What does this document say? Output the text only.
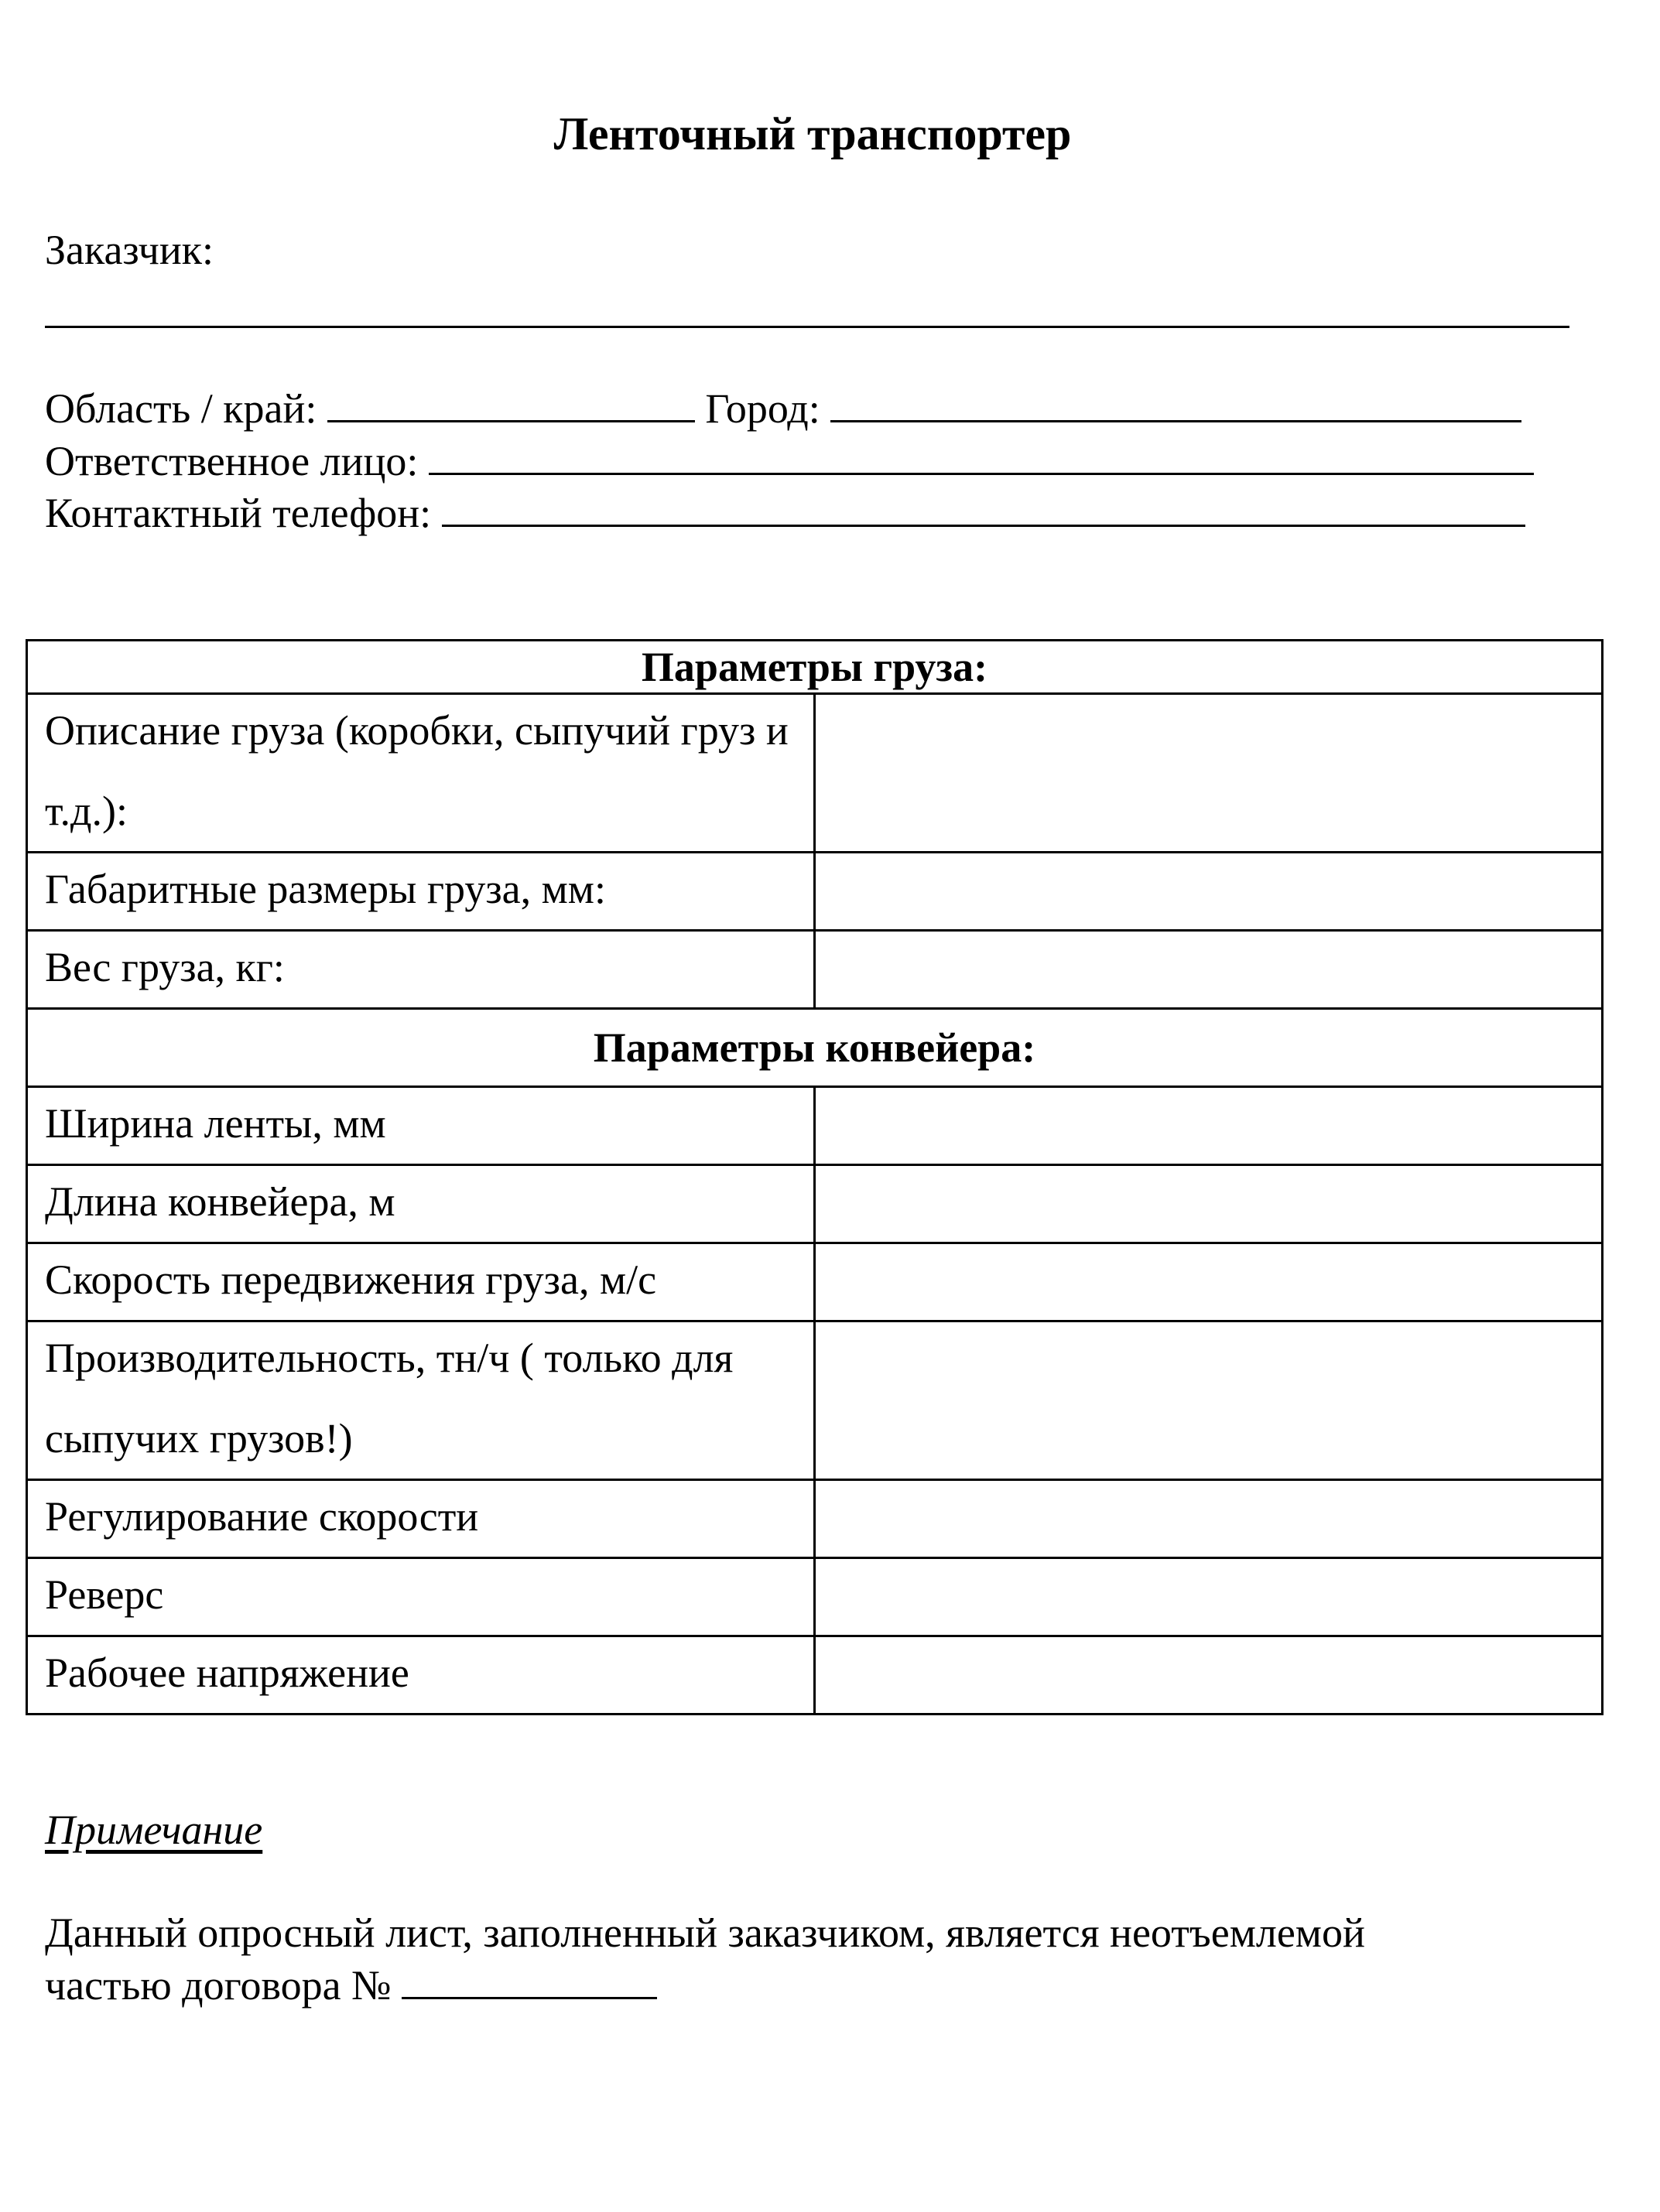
Ленточный транспортер
Заказчик:
Область / край:	Город:
Ответственное лицо:
Контактный телефон:
Параметры груза:	

Описание груза (коробки, сыпучий груз и т.д.):	

Габаритные размеры груза, мм:	

Вес груза, кг:	

Параметры конвейера:	

Ширина ленты, мм	

Длина конвейера, м	

Скорость передвижения груза, м/с	

Производительность, тн/ч ( только для сыпучих грузов!)	

Регулирование скорости	

Реверс	

Рабочее напряжение	

Примечание
Данный опросный лист, заполненный заказчиком, является неотъемлемой
частью договора №
